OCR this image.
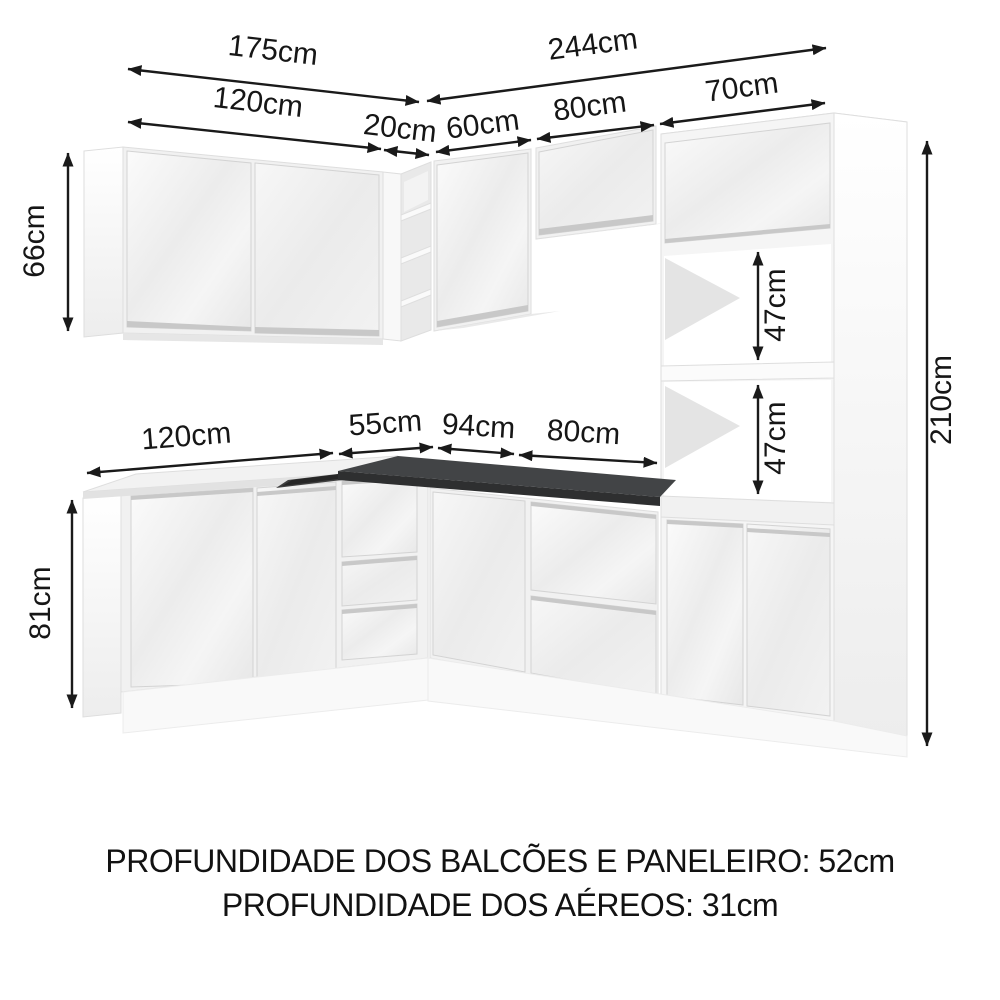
175cm	244cm
120cm
20cm 60cm 80cm 70cm
120cm	55cm 94cm 80cm
66cm
81cm
210cm
47cm
47cm
PROFUNDIDADE DOS BALCÕES E PANELEIRO: 52cm
PROFUNDIDADE DOS AÉREOS: 31cm
